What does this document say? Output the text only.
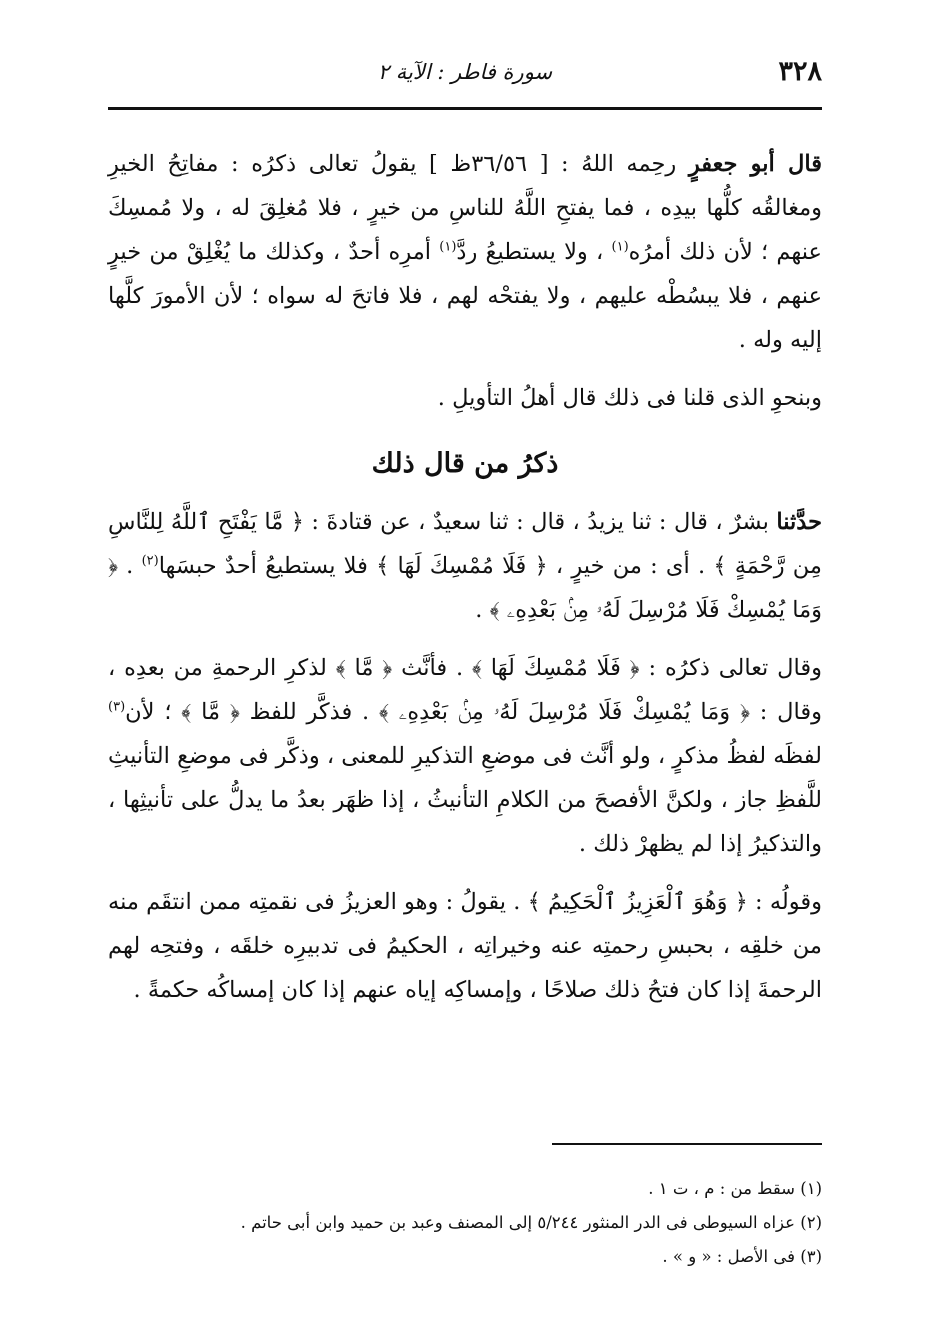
٣٢٨
سورة فاطر : الآية ٢

قال أبو جعفرٍ رحِمه اللهُ : [ ٣٦/٥٦ظ ] يقولُ تعالى ذكرُه : مفاتِحُ الخيرِ ومغالقُه كلُّها بيدِه ، فما يفتحِ اللَّهُ للناسِ من خيرٍ ، فلا مُغلِقَ له ، ولا مُمسِكَ عنهم ؛ لأن ذلك أمرُه$^{(١)}$ ، ولا يستطيعُ ردَّ$^{(١)}$ أمرِه أحدٌ ، وكذلك ما يُغْلِقْ من خيرٍ عنهم ، فلا يبسُطْه عليهم ، ولا يفتحْه لهم ، فلا فاتحَ له سواه ؛ لأن الأمورَ كلَّها إليه وله .

وبنحوِ الذى قلنا فى ذلك قال أهلُ التأويلِ .

ذكرُ من قال ذلك

حدَّثنا بشرٌ ، قال : ثنا يزيدُ ، قال : ثنا سعيدٌ ، عن قتادةَ : ﴿ مَّا يَفْتَحِ ٱللَّهُ لِلنَّاسِ مِن رَّحْمَةٍ ﴾ . أى : من خيرٍ ، ﴿ فَلَا مُمْسِكَ لَهَا ﴾ فلا يستطيعُ أحدٌ حبسَها$^{(٢)}$ . ﴿ وَمَا يُمْسِكْ فَلَا مُرْسِلَ لَهُۥ مِنۢ بَعْدِهِۦ ﴾ .

وقال تعالى ذكرُه : ﴿ فَلَا مُمْسِكَ لَهَا ﴾ . فأنَّث ﴿ مَّا ﴾ لذكرِ الرحمةِ من بعدِه ، وقال : ﴿ وَمَا يُمْسِكْ فَلَا مُرْسِلَ لَهُۥ مِنۢ بَعْدِهِۦ ﴾ . فذكَّر للفظ ﴿ مَّا ﴾ ؛ لأن$^{(٣)}$ لفظَه لفظُ مذكرٍ ، ولو أنَّث فى موضعِ التذكيرِ للمعنى ، وذكَّر فى موضعِ التأنيثِ للَّفظِ جاز ، ولكنَّ الأفصحَ من الكلامِ التأنيثُ ، إذا ظهَر بعدُ ما يدلُّ على تأنيثِها ، والتذكيرُ إذا لم يظهرْ ذلك .

وقولُه : ﴿ وَهُوَ ٱلْعَزِيزُ ٱلْحَكِيمُ ﴾ . يقولُ : وهو العزيزُ فى نقمتِه ممن انتقَم منه من خلقِه ، بحبسِ رحمتِه عنه وخيراتِه ، الحكيمُ فى تدبيرِه خلقَه ، وفتحِه لهم الرحمةَ إذا كان فتحُ ذلك صلاحًا ، وإمساكِه إياه عنهم إذا كان إمساكُه حكمةً .

(١) سقط من : م ، ت ١ .

(٢) عزاه السيوطى فى الدر المنثور ٥/٢٤٤ إلى المصنف وعبد بن حميد وابن أبى حاتم .

(٣) فى الأصل : « و » .
